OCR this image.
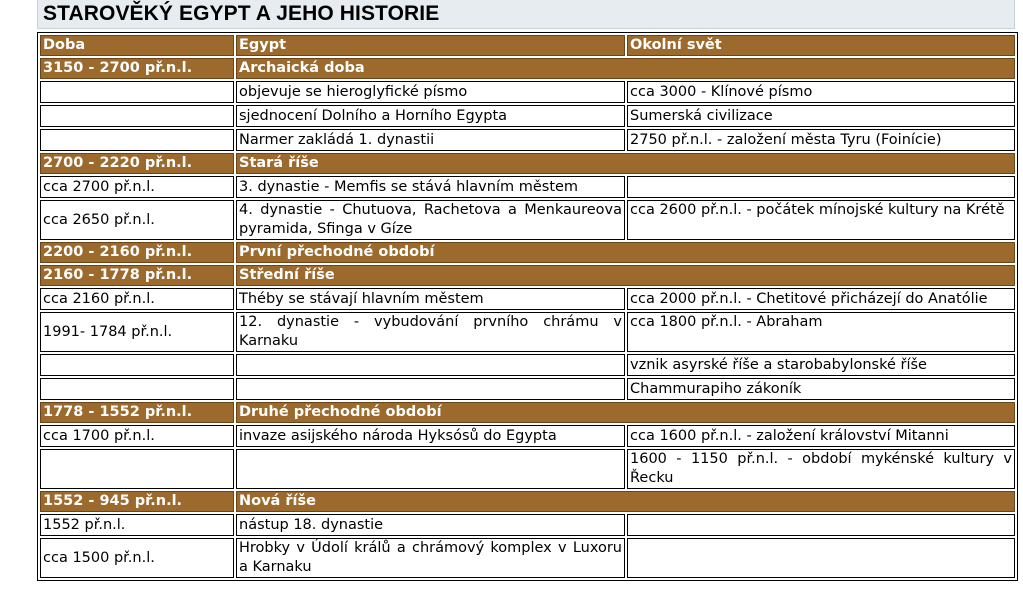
STAROVĚKÝ EGYPT A JEHO HISTORIE
Doba	Egypt	Okolní svět
3150 - 2700 př.n.l.	Archaická doba	
	objevuje se hieroglyfické písmo	cca 3000 - Klínové písmo
	sjednocení Dolního a Horního Egypta	Sumerská civilizace
	Narmer zakládá 1. dynastii	2750 př.n.l. - založení města Tyru (Foinície)
2700 - 2220 př.n.l.	Stará říše	
cca 2700 př.n.l.	3. dynastie - Memfis se stává hlavním městem	
cca 2650 př.n.l.	4. dynastie - Chutuova, Rachetova a Menkaureova pyramida, Sfinga v Gíze	cca 2600 př.n.l. - počátek mínojské kultury na Krétě
2200 - 2160 př.n.l.	První přechodné období	
2160 - 1778 př.n.l.	Střední říše	
cca 2160 př.n.l.	Théby se stávají hlavním městem	cca 2000 př.n.l. - Chetitové přicházejí do Anatólie
1991- 1784 př.n.l.	12. dynastie - vybudování prvního chrámu v Karnaku	cca 1800 př.n.l. - Abraham
		vznik asyrské říše a starobabylonské říše
		Chammurapiho zákoník
1778 - 1552 př.n.l.	Druhé přechodné období	
cca 1700 př.n.l.	invaze asijského národa Hyksósů do Egypta	cca 1600 př.n.l. - založení království Mitanni
		1600 - 1150 př.n.l. - období mykénské kultury v Řecku
1552 - 945 př.n.l.	Nová říše	
1552 př.n.l.	nástup 18. dynastie	
cca 1500 př.n.l.	Hrobky v Údolí králů a chrámový komplex v Luxoru a Karnaku	
